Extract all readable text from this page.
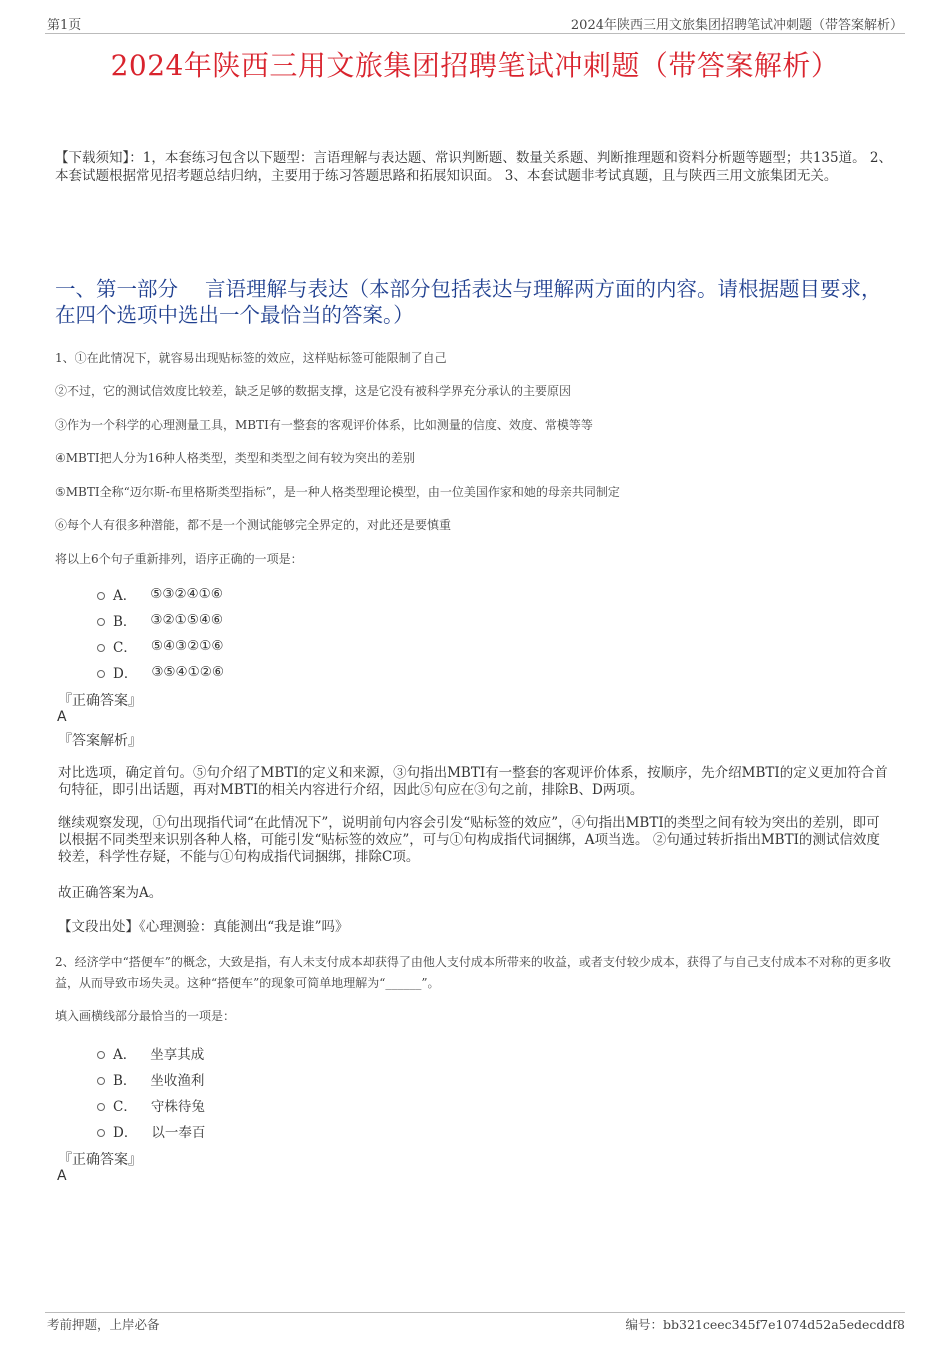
第1页	2024年陕西三用文旅集团招聘笔试冲刺题（带答案解析）
2024年陕西三用文旅集团招聘笔试冲刺题（带答案解析）
【下载须知】：1，本套练习包含以下题型：言语理解与表达题、常识判断题、数量关系题、判断推理题和资料分析题等题型；共135道。 2、本套试题根据常见招考题总结归纳，主要用于练习答题思路和拓展知识面。 3、本套试题非考试真题，且与陕西三用文旅集团无关。
一、第一部分　 言语理解与表达（本部分包括表达与理解两方面的内容。请根据题目要求，在四个选项中选出一个最恰当的答案。）
1、①在此情况下，就容易出现贴标签的效应，这样贴标签可能限制了自己
②不过，它的测试信效度比较差，缺乏足够的数据支撑，这是它没有被科学界充分承认的主要原因
③作为一个科学的心理测量工具，MBTI有一整套的客观评价体系，比如测量的信度、效度、常模等等
④MBTI把人分为16种人格类型，类型和类型之间有较为突出的差别
⑤MBTI全称“迈尔斯-布里格斯类型指标”，是一种人格类型理论模型，由一位美国作家和她的母亲共同制定
⑥每个人有很多种潜能，都不是一个测试能够完全界定的，对此还是要慎重
将以上6个句子重新排列，语序正确的一项是：
A． ⑤③②④①⑥
B． ③②①⑤④⑥
C． ⑤④③②①⑥
D． ③⑤④①②⑥
『正确答案』
A
『答案解析』
对比选项，确定首句。⑤句介绍了MBTI的定义和来源，③句指出MBTI有一整套的客观评价体系，按顺序，先介绍MBTI的定义更加符合首句特征，即引出话题，再对MBTI的相关内容进行介绍，因此⑤句应在③句之前，排除B、D两项。
继续观察发现，①句出现指代词“在此情况下”，说明前句内容会引发“贴标签的效应”，④句指出MBTI的类型之间有较为突出的差别，即可以根据不同类型来识别各种人格，可能引发“贴标签的效应”，可与①句构成指代词捆绑，A项当选。 ②句通过转折指出MBTI的测试信效度较差，科学性存疑，不能与①句构成指代词捆绑，排除C项。
故正确答案为A。
【文段出处】《心理测验：真能测出“我是谁”吗》
2、经济学中“搭便车”的概念，大致是指，有人未支付成本却获得了由他人支付成本所带来的收益，或者支付较少成本，获得了与自己支付成本不对称的更多收益，从而导致市场失灵。这种“搭便车”的现象可简单地理解为“______”。
填入画横线部分最恰当的一项是：
A． 坐享其成
B． 坐收渔利
C． 守株待兔
D． 以一奉百
『正确答案』
A
考前押题，上岸必备	编号：bb321ceec345f7e1074d52a5edecddf8
